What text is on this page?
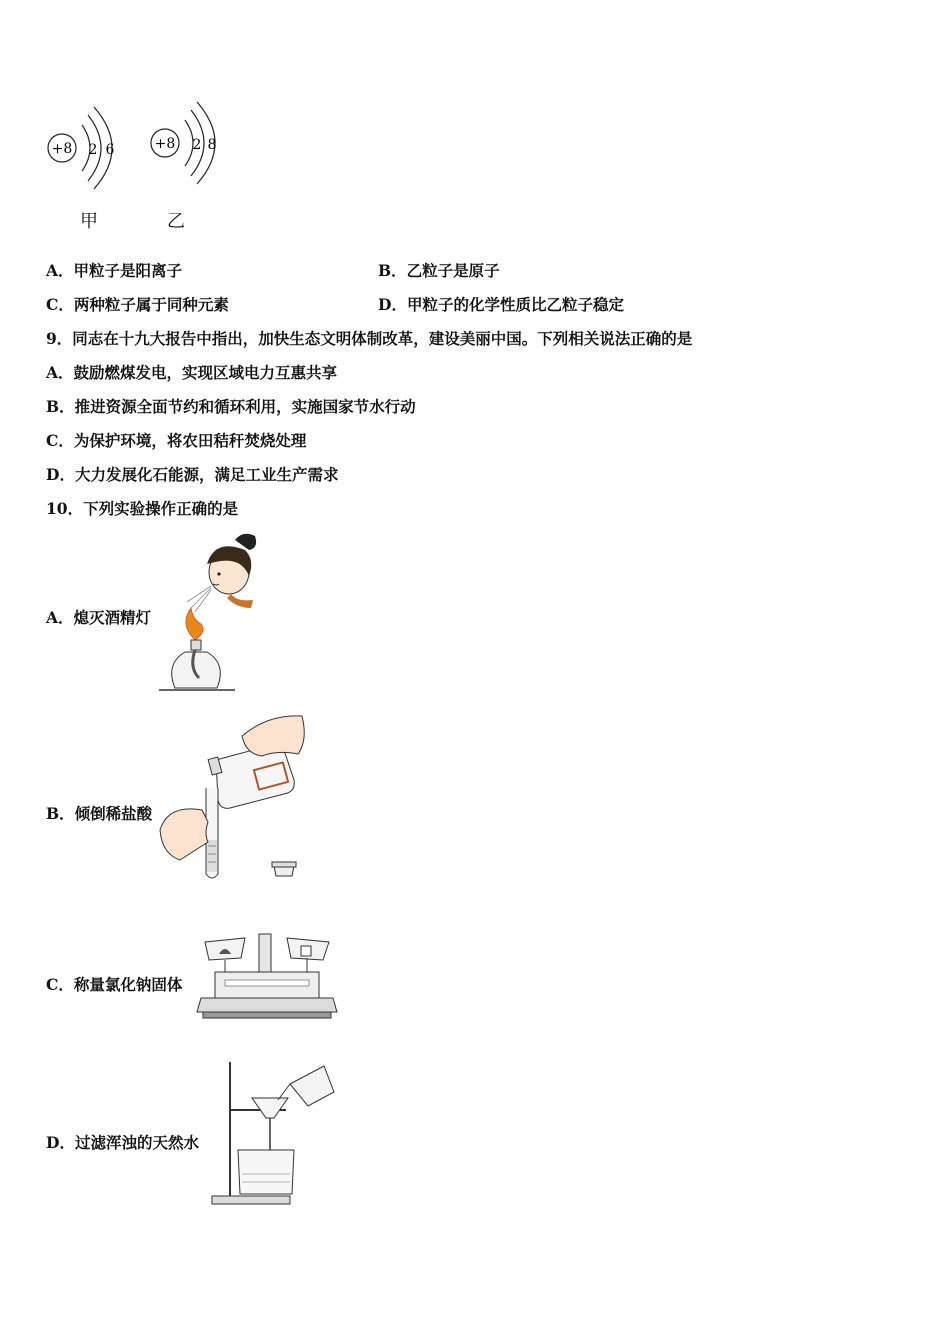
+8 2 6	+8 2 8
甲	乙
A．甲粒子是阳离子	B．乙粒子是原子
C．两种粒子属于同种元素	D．甲粒子的化学性质比乙粒子稳定
9．同志在十九大报告中指出，加快生态文明体制改革，建设美丽中国。下列相关说法正确的是
A．鼓励燃煤发电，实现区域电力互惠共享
B．推进资源全面节约和循环利用，实施国家节水行动
C．为保护环境，将农田秸秆焚烧处理
D．大力发展化石能源，满足工业生产需求
10．下列实验操作正确的是
A．熄灭酒精灯
B．倾倒稀盐酸
C．称量氯化钠固体
D．过滤浑浊的天然水
